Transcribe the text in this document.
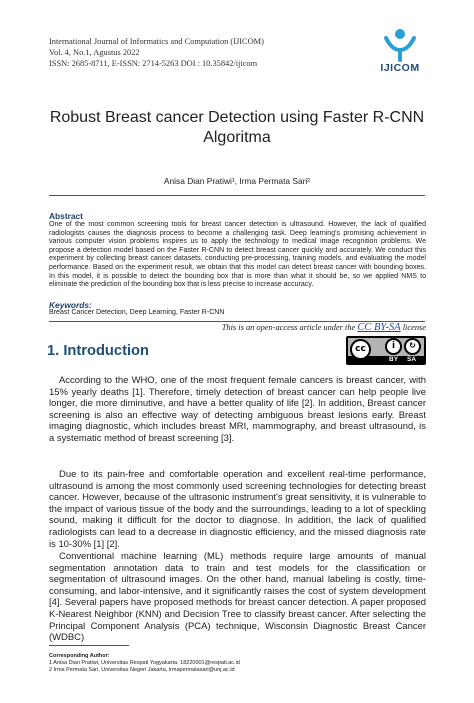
International Journal of Informatics and Computation (IJICOM)
Vol. 4, No.1, Agustus 2022
ISSN: 2685-8711, E-ISSN: 2714-5263 DOI : 10.35842/ijicom	IJICOM
Robust Breast cancer Detection using Faster R-CNN Algoritma
Anisa Dian Pratiwi¹, Irma Permata Sari²
Abstract
One of the most common screening tools for breast cancer detection is ultrasound. However, the lack of qualified radiologists causes the diagnosis process to become a challenging task. Deep learning's promising achievement in various computer vision problems inspires us to apply the technology to medical image recognition problems. We propose a detection model based on the Faster R-CNN to detect breast cancer quickly and accurately. We conduct this experiment by collecting breast cancer datasets, conducting pre-processing, training models, and evaluating the model performance. Based on the experiment result, we obtain that this model can detect breast cancer with bounding boxes. In this model, it is possible to detect the bounding box that is more than what it should be, so we applied NMS to eliminate the prediction of the bounding box that is less precise to increase accuracy.
Keywords:
Breast Cancer Detection, Deep Learning, Faster R-CNN
This is an open-access article under the CC BY-SA license
cc	i	↻
BY SA
1. Introduction
According to the WHO, one of the most frequent female cancers is breast cancer, with 15% yearly deaths [1]. Therefore, timely detection of breast cancer can help people live longer, die more diminutive, and have a better quality of life [2]. In addition, Breast cancer screening is also an effective way of detecting ambiguous breast lesions early. Breast imaging diagnostic, which includes breast MRI, mammography, and breast ultrasound, is a systematic method of breast screening [3].
Due to its pain-free and comfortable operation and excellent real-time performance, ultrasound is among the most commonly used screening technologies for detecting breast cancer. However, because of the ultrasonic instrument's great sensitivity, it is vulnerable to the impact of various tissue of the body and the surroundings, leading to a lot of speckling sound, making it difficult for the doctor to diagnose. In addition, the lack of qualified radiologists can lead to a decrease in diagnostic efficiency, and the missed diagnosis rate is 10-30% [1] [2].
Conventional machine learning (ML) methods require large amounts of manual segmentation annotation data to train and test models for the classification or segmentation of ultrasound images. On the other hand, manual labeling is costly, time-consuming, and labor-intensive, and it significantly raises the cost of system development [4]. Several papers have proposed methods for breast cancer detection. A paper proposed K-Nearest Neighbor (KNN) and Decision Tree to classify breast cancer. After selecting the Principal Component Analysis (PCA) technique, Wisconsin Diagnostic Breast Cancer (WDBC)
Corresponding Author:
1 Anisa Dian Pratiwi, Universitas Respati Yogyakarta, 18220001@respati.ac.id
2 Irma Permata Sari, Universitas Negeri Jakarta, irmapermatasari@unj.ac.id
